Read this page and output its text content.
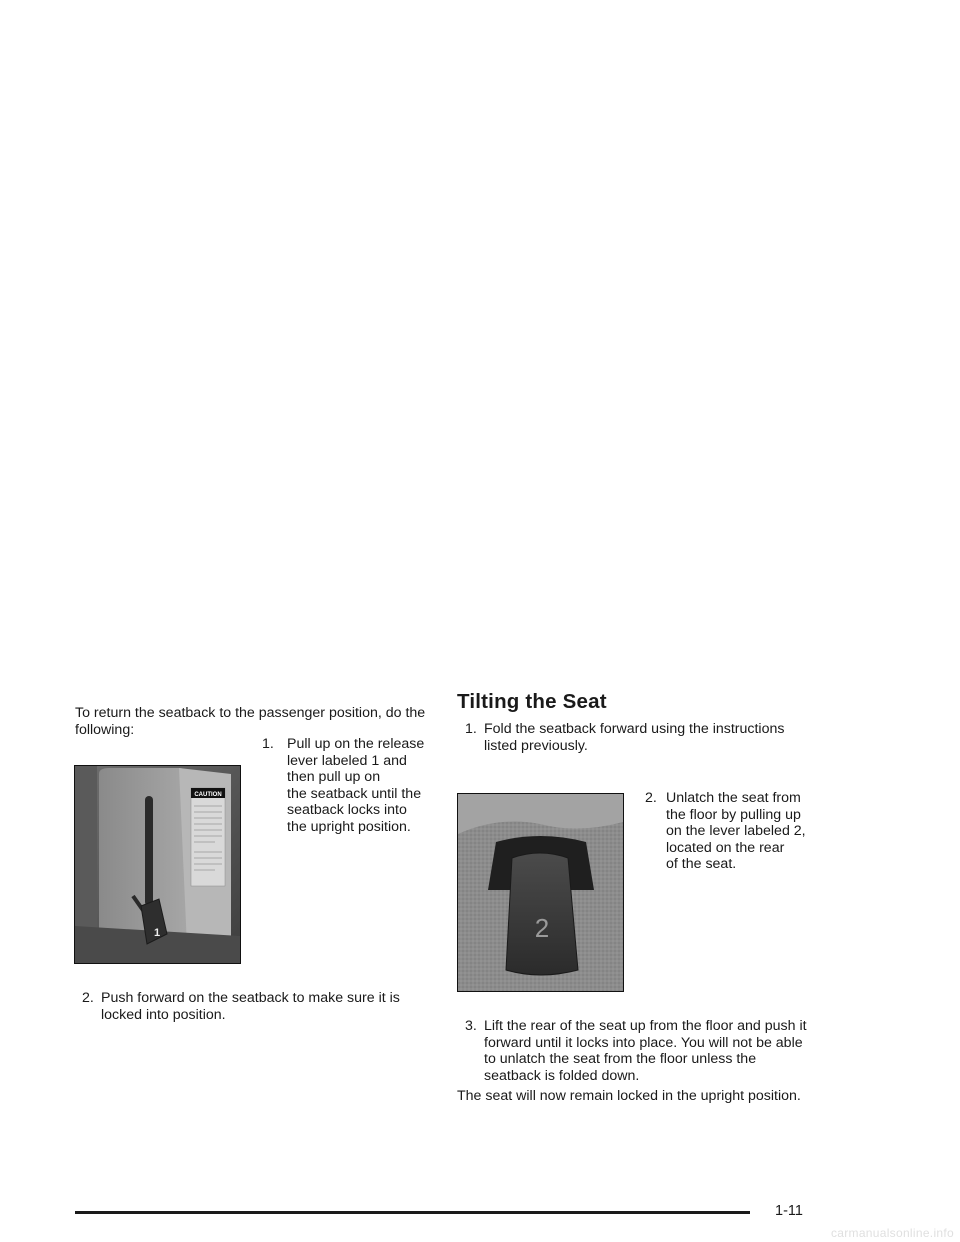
To return the seatback to the passenger position, do the following:

1. Pull up on the release
lever labeled 1 and
then pull up on
the seatback until the
seatback locks into
the upright position.
CAUTION
1
2. Push forward on the seatback to make sure it is
locked into position.
Tilting the Seat
1. Fold the seatback forward using the instructions
listed previously.
2. Unlatch the seat from
the floor by pulling up
on the lever labeled 2,
located on the rear
of the seat.
2
3. Lift the rear of the seat up from the floor and push it
forward until it locks into place. You will not be able
to unlatch the seat from the floor unless the
seatback is folded down.

The seat will now remain locked in the upright position.

1-11
carmanualsonline.info
